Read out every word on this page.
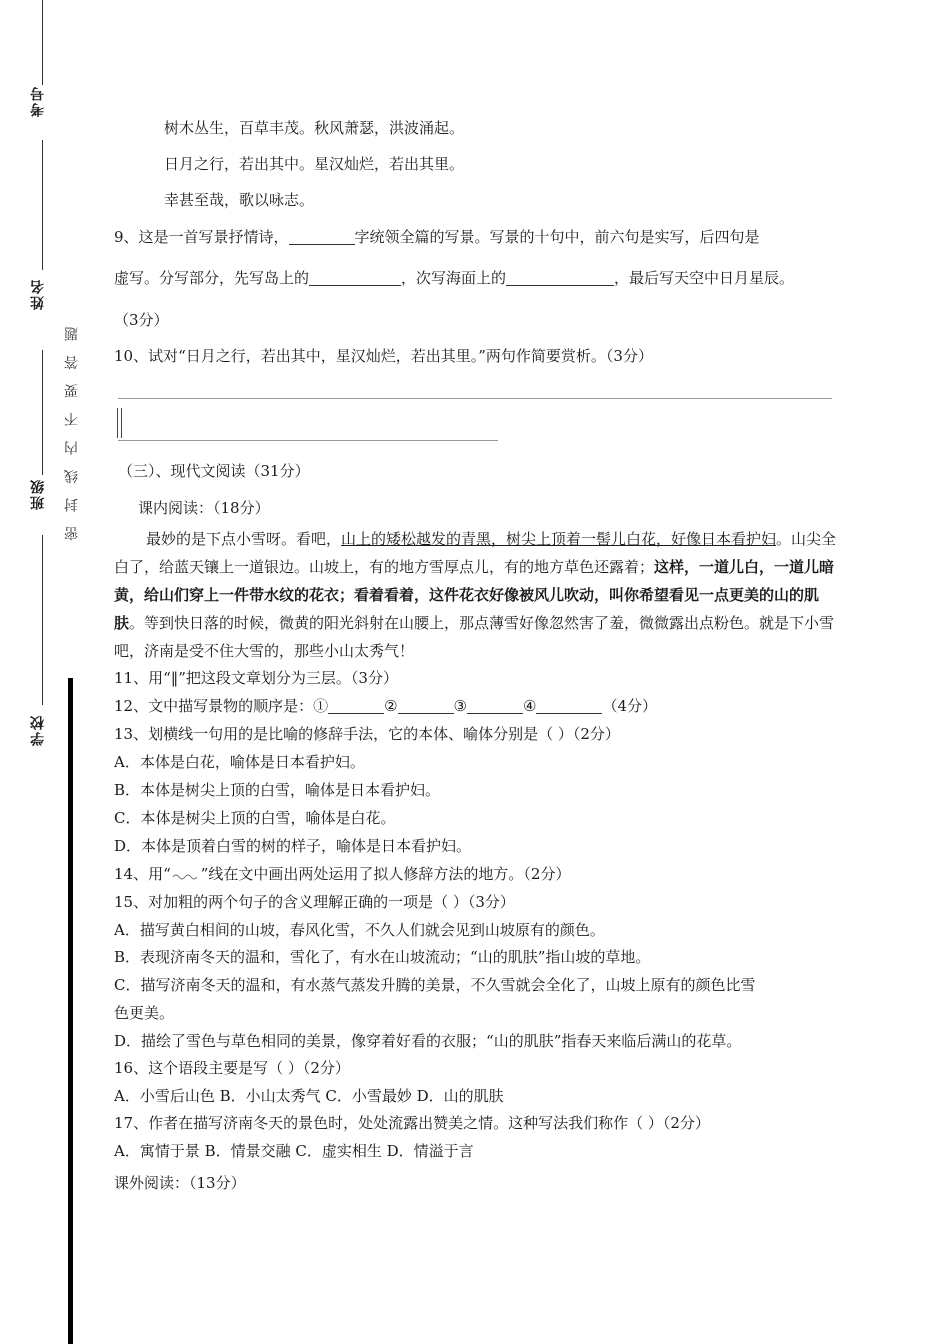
考号
姓名
班级
学校
密 封 线 内 不 要 答 题
树木丛生，百草丰茂。秋风萧瑟，洪波涌起。
日月之行，若出其中。星汉灿烂，若出其里。
幸甚至哉，歌以咏志。
9、这是一首写景抒情诗，	字统领全篇的写景。写景的十句中，前六句是实写，后四句是
虚写。分写部分，先写岛上的	，次写海面上的	，最后写天空中日月星辰。
（3分）
10、试对“日月之行，若出其中，星汉灿烂，若出其里。”两句作简要赏析。（3分）
（三）、现代文阅读（31分）
课内阅读：（18分）
最妙的是下点小雪呀。看吧，山上的矮松越发的青黑，树尖上顶着一髻儿白花，好像日本看护妇。山尖全白了，给蓝天镶上一道银边。山坡上，有的地方雪厚点儿，有的地方草色还露着；这样，一道儿白，一道儿暗黄，给山们穿上一件带水纹的花衣；看着看着，这件花衣好像被风儿吹动，叫你希望看见一点更美的山的肌肤。等到快日落的时候，微黄的阳光斜射在山腰上，那点薄雪好像忽然害了羞，微微露出点粉色。就是下小雪吧，济南是受不住大雪的，那些小山太秀气！
11、用“‖”把这段文章划分为三层。（3分）
12、文中描写景物的顺序是：①	②	③	④	（4分）
13、划横线一句用的是比喻的修辞手法，它的本体、喻体分别是（ ）（2分）
A．本体是白花，喻体是日本看护妇。
B．本体是树尖上顶的白雪，喻体是日本看护妇。
C．本体是树尖上顶的白雪，喻体是白花。
D．本体是顶着白雪的树的样子，喻体是日本看护妇。
14、用“ ”线在文中画出两处运用了拟人修辞方法的地方。（2分）
15、对加粗的两个句子的含义理解正确的一项是（ ）（3分）
A．描写黄白相间的山坡，春风化雪，不久人们就会见到山坡原有的颜色。
B．表现济南冬天的温和，雪化了，有水在山坡流动；“山的肌肤”指山坡的草地。
C．描写济南冬天的温和，有水蒸气蒸发升腾的美景，不久雪就会全化了，山坡上原有的颜色比雪
色更美。
D．描绘了雪色与草色相同的美景，像穿着好看的衣服；“山的肌肤”指春天来临后满山的花草。
16、这个语段主要是写（ ）（2分）
A．小雪后山色 B．小山太秀气 C．小雪最妙 D．山的肌肤
17、作者在描写济南冬天的景色时，处处流露出赞美之情。这种写法我们称作（ ）（2分）
A．寓情于景 B．情景交融 C．虚实相生 D．情溢于言
课外阅读：（13分）
